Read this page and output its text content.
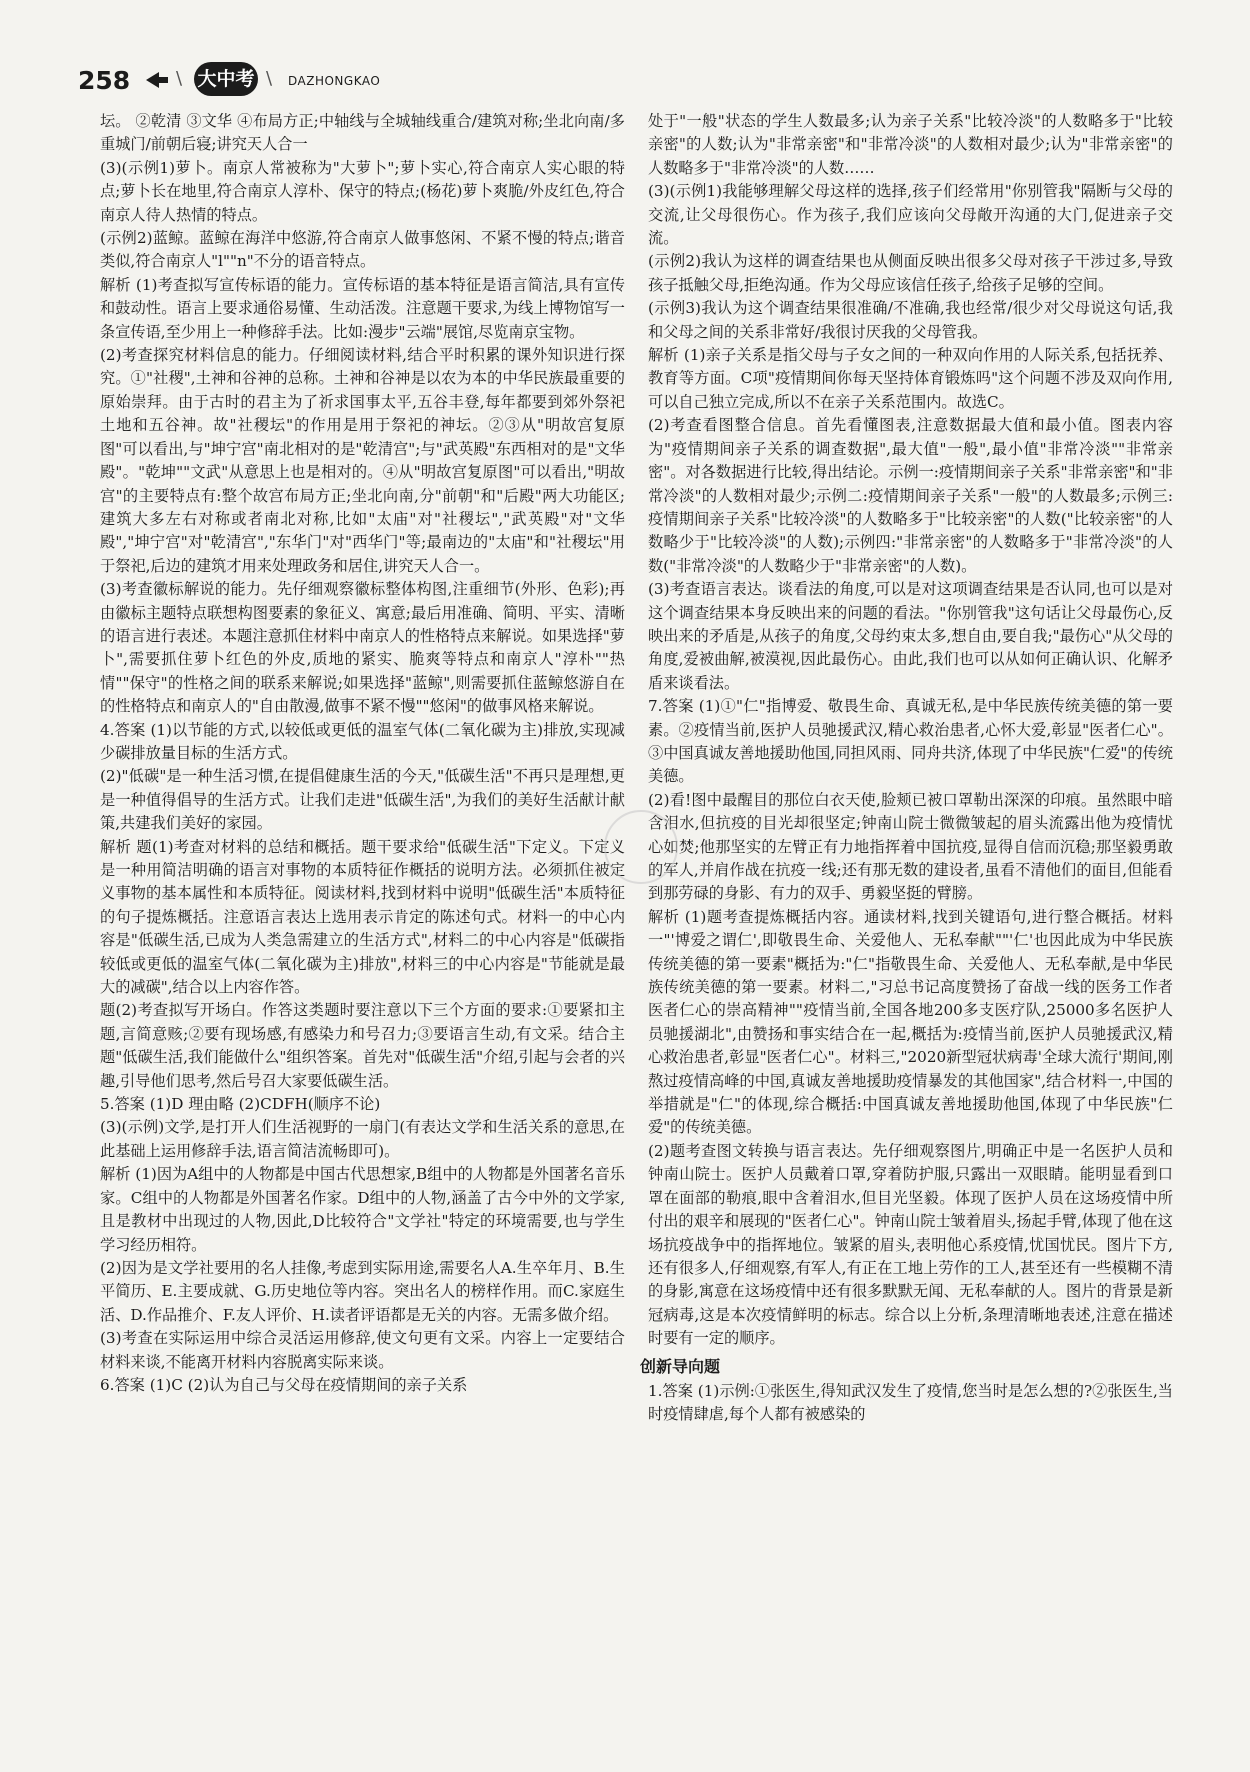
258	\ 大中考 \ DAZHONGKAO

坛。 ②乾清 ③文华 ④布局方正;中轴线与全城轴线重合/建筑对称;坐北向南/多重城门/前朝后寝;讲究天人合一

(3)(示例1)萝卜。南京人常被称为"大萝卜";萝卜实心,符合南京人实心眼的特点;萝卜长在地里,符合南京人淳朴、保守的特点;(杨花)萝卜爽脆/外皮红色,符合南京人待人热情的特点。

(示例2)蓝鲸。蓝鲸在海洋中悠游,符合南京人做事悠闲、不紧不慢的特点;谐音类似,符合南京人"l""n"不分的语音特点。

解析 (1)考查拟写宣传标语的能力。宣传标语的基本特征是语言简洁,具有宣传和鼓动性。语言上要求通俗易懂、生动活泼。注意题干要求,为线上博物馆写一条宣传语,至少用上一种修辞手法。比如:漫步"云端"展馆,尽览南京宝物。

(2)考查探究材料信息的能力。仔细阅读材料,结合平时积累的课外知识进行探究。①"社稷",土神和谷神的总称。土神和谷神是以农为本的中华民族最重要的原始崇拜。由于古时的君主为了祈求国事太平,五谷丰登,每年都要到郊外祭祀土地和五谷神。故"社稷坛"的作用是用于祭祀的神坛。②③从"明故宫复原图"可以看出,与"坤宁宫"南北相对的是"乾清宫";与"武英殿"东西相对的是"文华殿"。"乾坤""文武"从意思上也是相对的。④从"明故宫复原图"可以看出,"明故宫"的主要特点有:整个故宫布局方正;坐北向南,分"前朝"和"后殿"两大功能区;建筑大多左右对称或者南北对称,比如"太庙"对"社稷坛","武英殿"对"文华殿","坤宁宫"对"乾清宫","东华门"对"西华门"等;最南边的"太庙"和"社稷坛"用于祭祀,后边的建筑才用来处理政务和居住,讲究天人合一。

(3)考查徽标解说的能力。先仔细观察徽标整体构图,注重细节(外形、色彩);再由徽标主题特点联想构图要素的象征义、寓意;最后用准确、简明、平实、清晰的语言进行表述。本题注意抓住材料中南京人的性格特点来解说。如果选择"萝卜",需要抓住萝卜红色的外皮,质地的紧实、脆爽等特点和南京人"淳朴""热情""保守"的性格之间的联系来解说;如果选择"蓝鲸",则需要抓住蓝鲸悠游自在的性格特点和南京人的"自由散漫,做事不紧不慢""悠闲"的做事风格来解说。

4.答案 (1)以节能的方式,以较低或更低的温室气体(二氧化碳为主)排放,实现减少碳排放量目标的生活方式。

(2)"低碳"是一种生活习惯,在提倡健康生活的今天,"低碳生活"不再只是理想,更是一种值得倡导的生活方式。让我们走进"低碳生活",为我们的美好生活献计献策,共建我们美好的家园。

解析 题(1)考查对材料的总结和概括。题干要求给"低碳生活"下定义。下定义是一种用简洁明确的语言对事物的本质特征作概括的说明方法。必须抓住被定义事物的基本属性和本质特征。阅读材料,找到材料中说明"低碳生活"本质特征的句子提炼概括。注意语言表达上选用表示肯定的陈述句式。材料一的中心内容是"低碳生活,已成为人类急需建立的生活方式",材料二的中心内容是"低碳指较低或更低的温室气体(二氧化碳为主)排放",材料三的中心内容是"节能就是最大的减碳",结合以上内容作答。

题(2)考查拟写开场白。作答这类题时要注意以下三个方面的要求:①要紧扣主题,言简意赅;②要有现场感,有感染力和号召力;③要语言生动,有文采。结合主题"低碳生活,我们能做什么"组织答案。首先对"低碳生活"介绍,引起与会者的兴趣,引导他们思考,然后号召大家要低碳生活。

5.答案 (1)D 理由略 (2)CDFH(顺序不论)

(3)(示例)文学,是打开人们生活视野的一扇门(有表达文学和生活关系的意思,在此基础上运用修辞手法,语言简洁流畅即可)。

解析 (1)因为A组中的人物都是中国古代思想家,B组中的人物都是外国著名音乐家。C组中的人物都是外国著名作家。D组中的人物,涵盖了古今中外的文学家,且是教材中出现过的人物,因此,D比较符合"文学社"特定的环境需要,也与学生学习经历相符。

(2)因为是文学社要用的名人挂像,考虑到实际用途,需要名人A.生卒年月、B.生平简历、E.主要成就、G.历史地位等内容。突出名人的榜样作用。而C.家庭生活、D.作品推介、F.友人评价、H.读者评语都是无关的内容。无需多做介绍。

(3)考查在实际运用中综合灵活运用修辞,使文句更有文采。内容上一定要结合材料来谈,不能离开材料内容脱离实际来谈。

6.答案 (1)C (2)认为自己与父母在疫情期间的亲子关系

处于"一般"状态的学生人数最多;认为亲子关系"比较冷淡"的人数略多于"比较亲密"的人数;认为"非常亲密"和"非常冷淡"的人数相对最少;认为"非常亲密"的人数略多于"非常冷淡"的人数……

(3)(示例1)我能够理解父母这样的选择,孩子们经常用"你别管我"隔断与父母的交流,让父母很伤心。作为孩子,我们应该向父母敞开沟通的大门,促进亲子交流。

(示例2)我认为这样的调查结果也从侧面反映出很多父母对孩子干涉过多,导致孩子抵触父母,拒绝沟通。作为父母应该信任孩子,给孩子足够的空间。

(示例3)我认为这个调查结果很准确/不准确,我也经常/很少对父母说这句话,我和父母之间的关系非常好/我很讨厌我的父母管我。

解析 (1)亲子关系是指父母与子女之间的一种双向作用的人际关系,包括抚养、教育等方面。C项"疫情期间你每天坚持体育锻炼吗"这个问题不涉及双向作用,可以自己独立完成,所以不在亲子关系范围内。故选C。

(2)考查看图整合信息。首先看懂图表,注意数据最大值和最小值。图表内容为"疫情期间亲子关系的调查数据",最大值"一般",最小值"非常冷淡""非常亲密"。对各数据进行比较,得出结论。示例一:疫情期间亲子关系"非常亲密"和"非常冷淡"的人数相对最少;示例二:疫情期间亲子关系"一般"的人数最多;示例三:疫情期间亲子关系"比较冷淡"的人数略多于"比较亲密"的人数("比较亲密"的人数略少于"比较冷淡"的人数);示例四:"非常亲密"的人数略多于"非常冷淡"的人数("非常冷淡"的人数略少于"非常亲密"的人数)。

(3)考查语言表达。谈看法的角度,可以是对这项调查结果是否认同,也可以是对这个调查结果本身反映出来的问题的看法。"你别管我"这句话让父母最伤心,反映出来的矛盾是,从孩子的角度,父母约束太多,想自由,要自我;"最伤心"从父母的角度,爱被曲解,被漠视,因此最伤心。由此,我们也可以从如何正确认识、化解矛盾来谈看法。

7.答案 (1)①"仁"指博爱、敬畏生命、真诚无私,是中华民族传统美德的第一要素。②疫情当前,医护人员驰援武汉,精心救治患者,心怀大爱,彰显"医者仁心"。③中国真诚友善地援助他国,同担风雨、同舟共济,体现了中华民族"仁爱"的传统美德。

(2)看!图中最醒目的那位白衣天使,脸颊已被口罩勒出深深的印痕。虽然眼中暗含泪水,但抗疫的目光却很坚定;钟南山院士微微皱起的眉头流露出他为疫情忧心如焚;他那坚实的左臂正有力地指挥着中国抗疫,显得自信而沉稳;那坚毅勇敢的军人,并肩作战在抗疫一线;还有那无数的建设者,虽看不清他们的面目,但能看到那劳碌的身影、有力的双手、勇毅坚挺的臂膀。

解析 (1)题考查提炼概括内容。通读材料,找到关键语句,进行整合概括。材料一"'博爱之谓仁',即敬畏生命、关爱他人、无私奉献""'仁'也因此成为中华民族传统美德的第一要素"概括为:"仁"指敬畏生命、关爱他人、无私奉献,是中华民族传统美德的第一要素。材料二,"习总书记高度赞扬了奋战一线的医务工作者医者仁心的崇高精神""疫情当前,全国各地200多支医疗队,25000多名医护人员驰援湖北",由赞扬和事实结合在一起,概括为:疫情当前,医护人员驰援武汉,精心救治患者,彰显"医者仁心"。材料三,"2020新型冠状病毒'全球大流行'期间,刚熬过疫情高峰的中国,真诚友善地援助疫情暴发的其他国家",结合材料一,中国的举措就是"仁"的体现,综合概括:中国真诚友善地援助他国,体现了中华民族"仁爱"的传统美德。

(2)题考查图文转换与语言表达。先仔细观察图片,明确正中是一名医护人员和钟南山院士。医护人员戴着口罩,穿着防护服,只露出一双眼睛。能明显看到口罩在面部的勒痕,眼中含着泪水,但目光坚毅。体现了医护人员在这场疫情中所付出的艰辛和展现的"医者仁心"。钟南山院士皱着眉头,扬起手臂,体现了他在这场抗疫战争中的指挥地位。皱紧的眉头,表明他心系疫情,忧国忧民。图片下方,还有很多人,仔细观察,有军人,有正在工地上劳作的工人,甚至还有一些模糊不清的身影,寓意在这场疫情中还有很多默默无闻、无私奉献的人。图片的背景是新冠病毒,这是本次疫情鲜明的标志。综合以上分析,条理清晰地表述,注意在描述时要有一定的顺序。

创新导向题

1.答案 (1)示例:①张医生,得知武汉发生了疫情,您当时是怎么想的?②张医生,当时疫情肆虐,每个人都有被感染的
